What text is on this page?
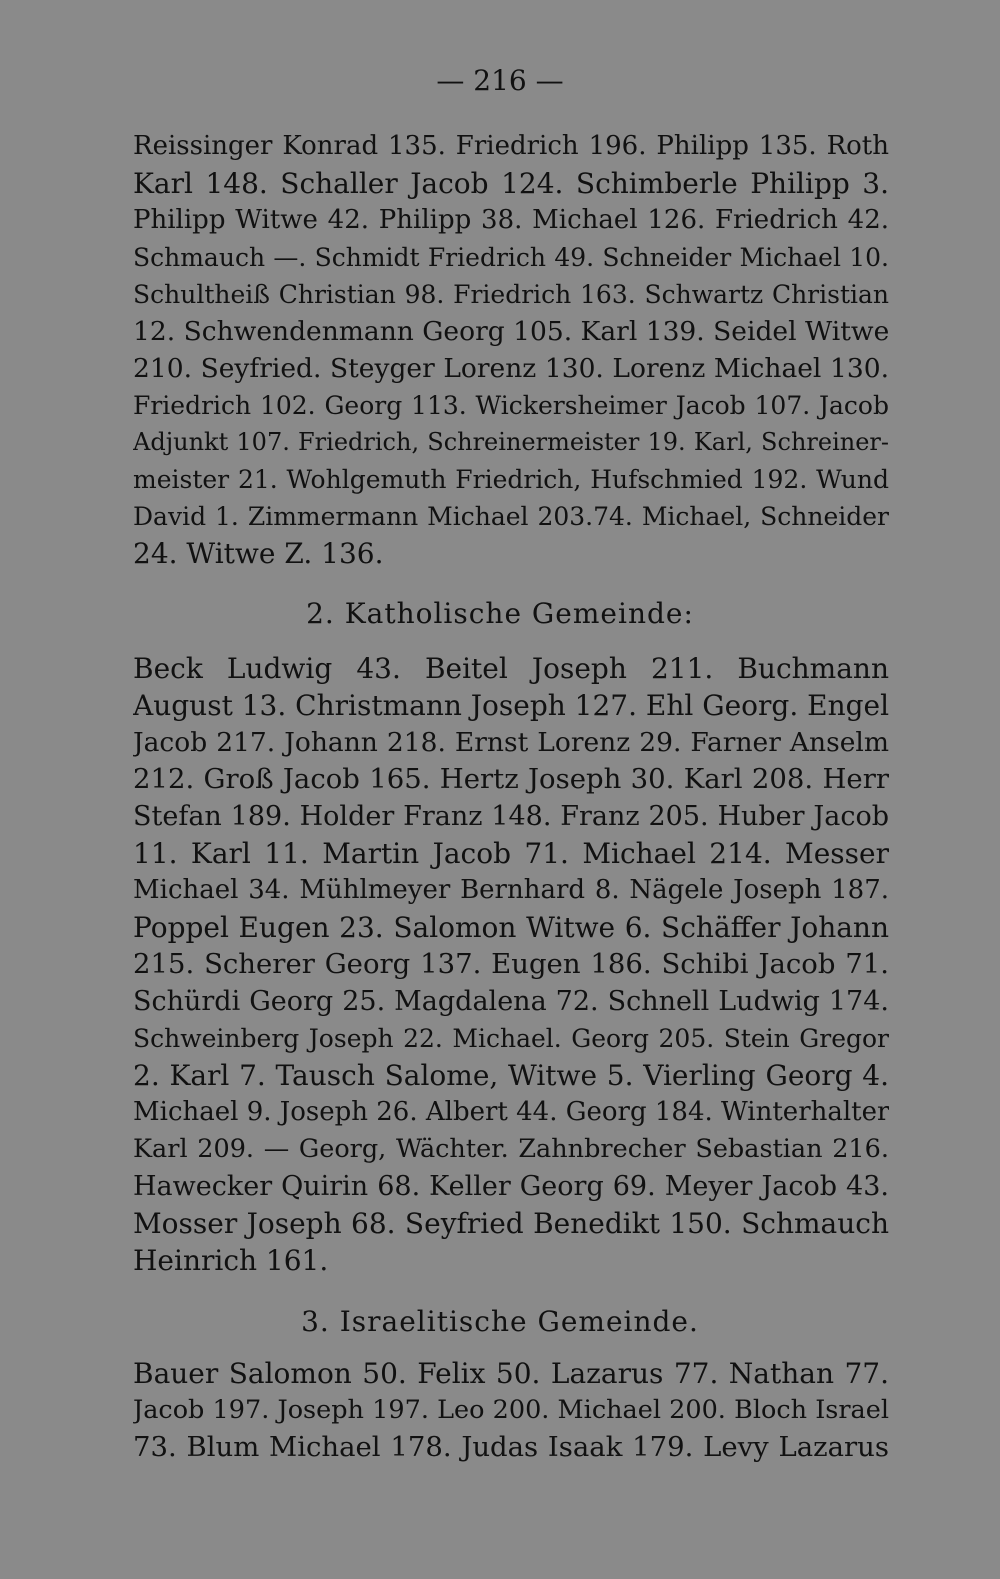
— 216 —
Reissinger Konrad 135. Friedrich 196. Philipp 135. Roth
Karl 148. Schaller Jacob 124. Schimberle Philipp 3.
Philipp Witwe 42. Philipp 38. Michael 126. Friedrich 42.
Schmauch —. Schmidt Friedrich 49. Schneider Michael 10.
Schultheiß Christian 98. Friedrich 163. Schwartz Christian
12. Schwendenmann Georg 105. Karl 139. Seidel Witwe
210. Seyfried. Steyger Lorenz 130. Lorenz Michael 130.
Friedrich 102. Georg 113. Wickersheimer Jacob 107. Jacob
Adjunkt 107. Friedrich, Schreinermeister 19. Karl, Schreiner-
meister 21. Wohlgemuth Friedrich, Hufschmied 192. Wund
David 1. Zimmermann Michael 203.74. Michael, Schneider
24. Witwe Z. 136.
2. Katholische Gemeinde:
Beck Ludwig 43. Beitel Joseph 211. Buchmann
August 13. Christmann Joseph 127. Ehl Georg. Engel
Jacob 217. Johann 218. Ernst Lorenz 29. Farner Anselm
212. Groß Jacob 165. Hertz Joseph 30. Karl 208. Herr
Stefan 189. Holder Franz 148. Franz 205. Huber Jacob
11. Karl 11. Martin Jacob 71. Michael 214. Messer
Michael 34. Mühlmeyer Bernhard 8. Nägele Joseph 187.
Poppel Eugen 23. Salomon Witwe 6. Schäffer Johann
215. Scherer Georg 137. Eugen 186. Schibi Jacob 71.
Schürdi Georg 25. Magdalena 72. Schnell Ludwig 174.
Schweinberg Joseph 22. Michael. Georg 205. Stein Gregor
2. Karl 7. Tausch Salome, Witwe 5. Vierling Georg 4.
Michael 9. Joseph 26. Albert 44. Georg 184. Winterhalter
Karl 209. — Georg, Wächter. Zahnbrecher Sebastian 216.
Hawecker Quirin 68. Keller Georg 69. Meyer Jacob 43.
Mosser Joseph 68. Seyfried Benedikt 150. Schmauch
Heinrich 161.
3. Israelitische Gemeinde.
Bauer Salomon 50. Felix 50. Lazarus 77. Nathan 77.
Jacob 197. Joseph 197. Leo 200. Michael 200. Bloch Israel
73. Blum Michael 178. Judas Isaak 179. Levy Lazarus
